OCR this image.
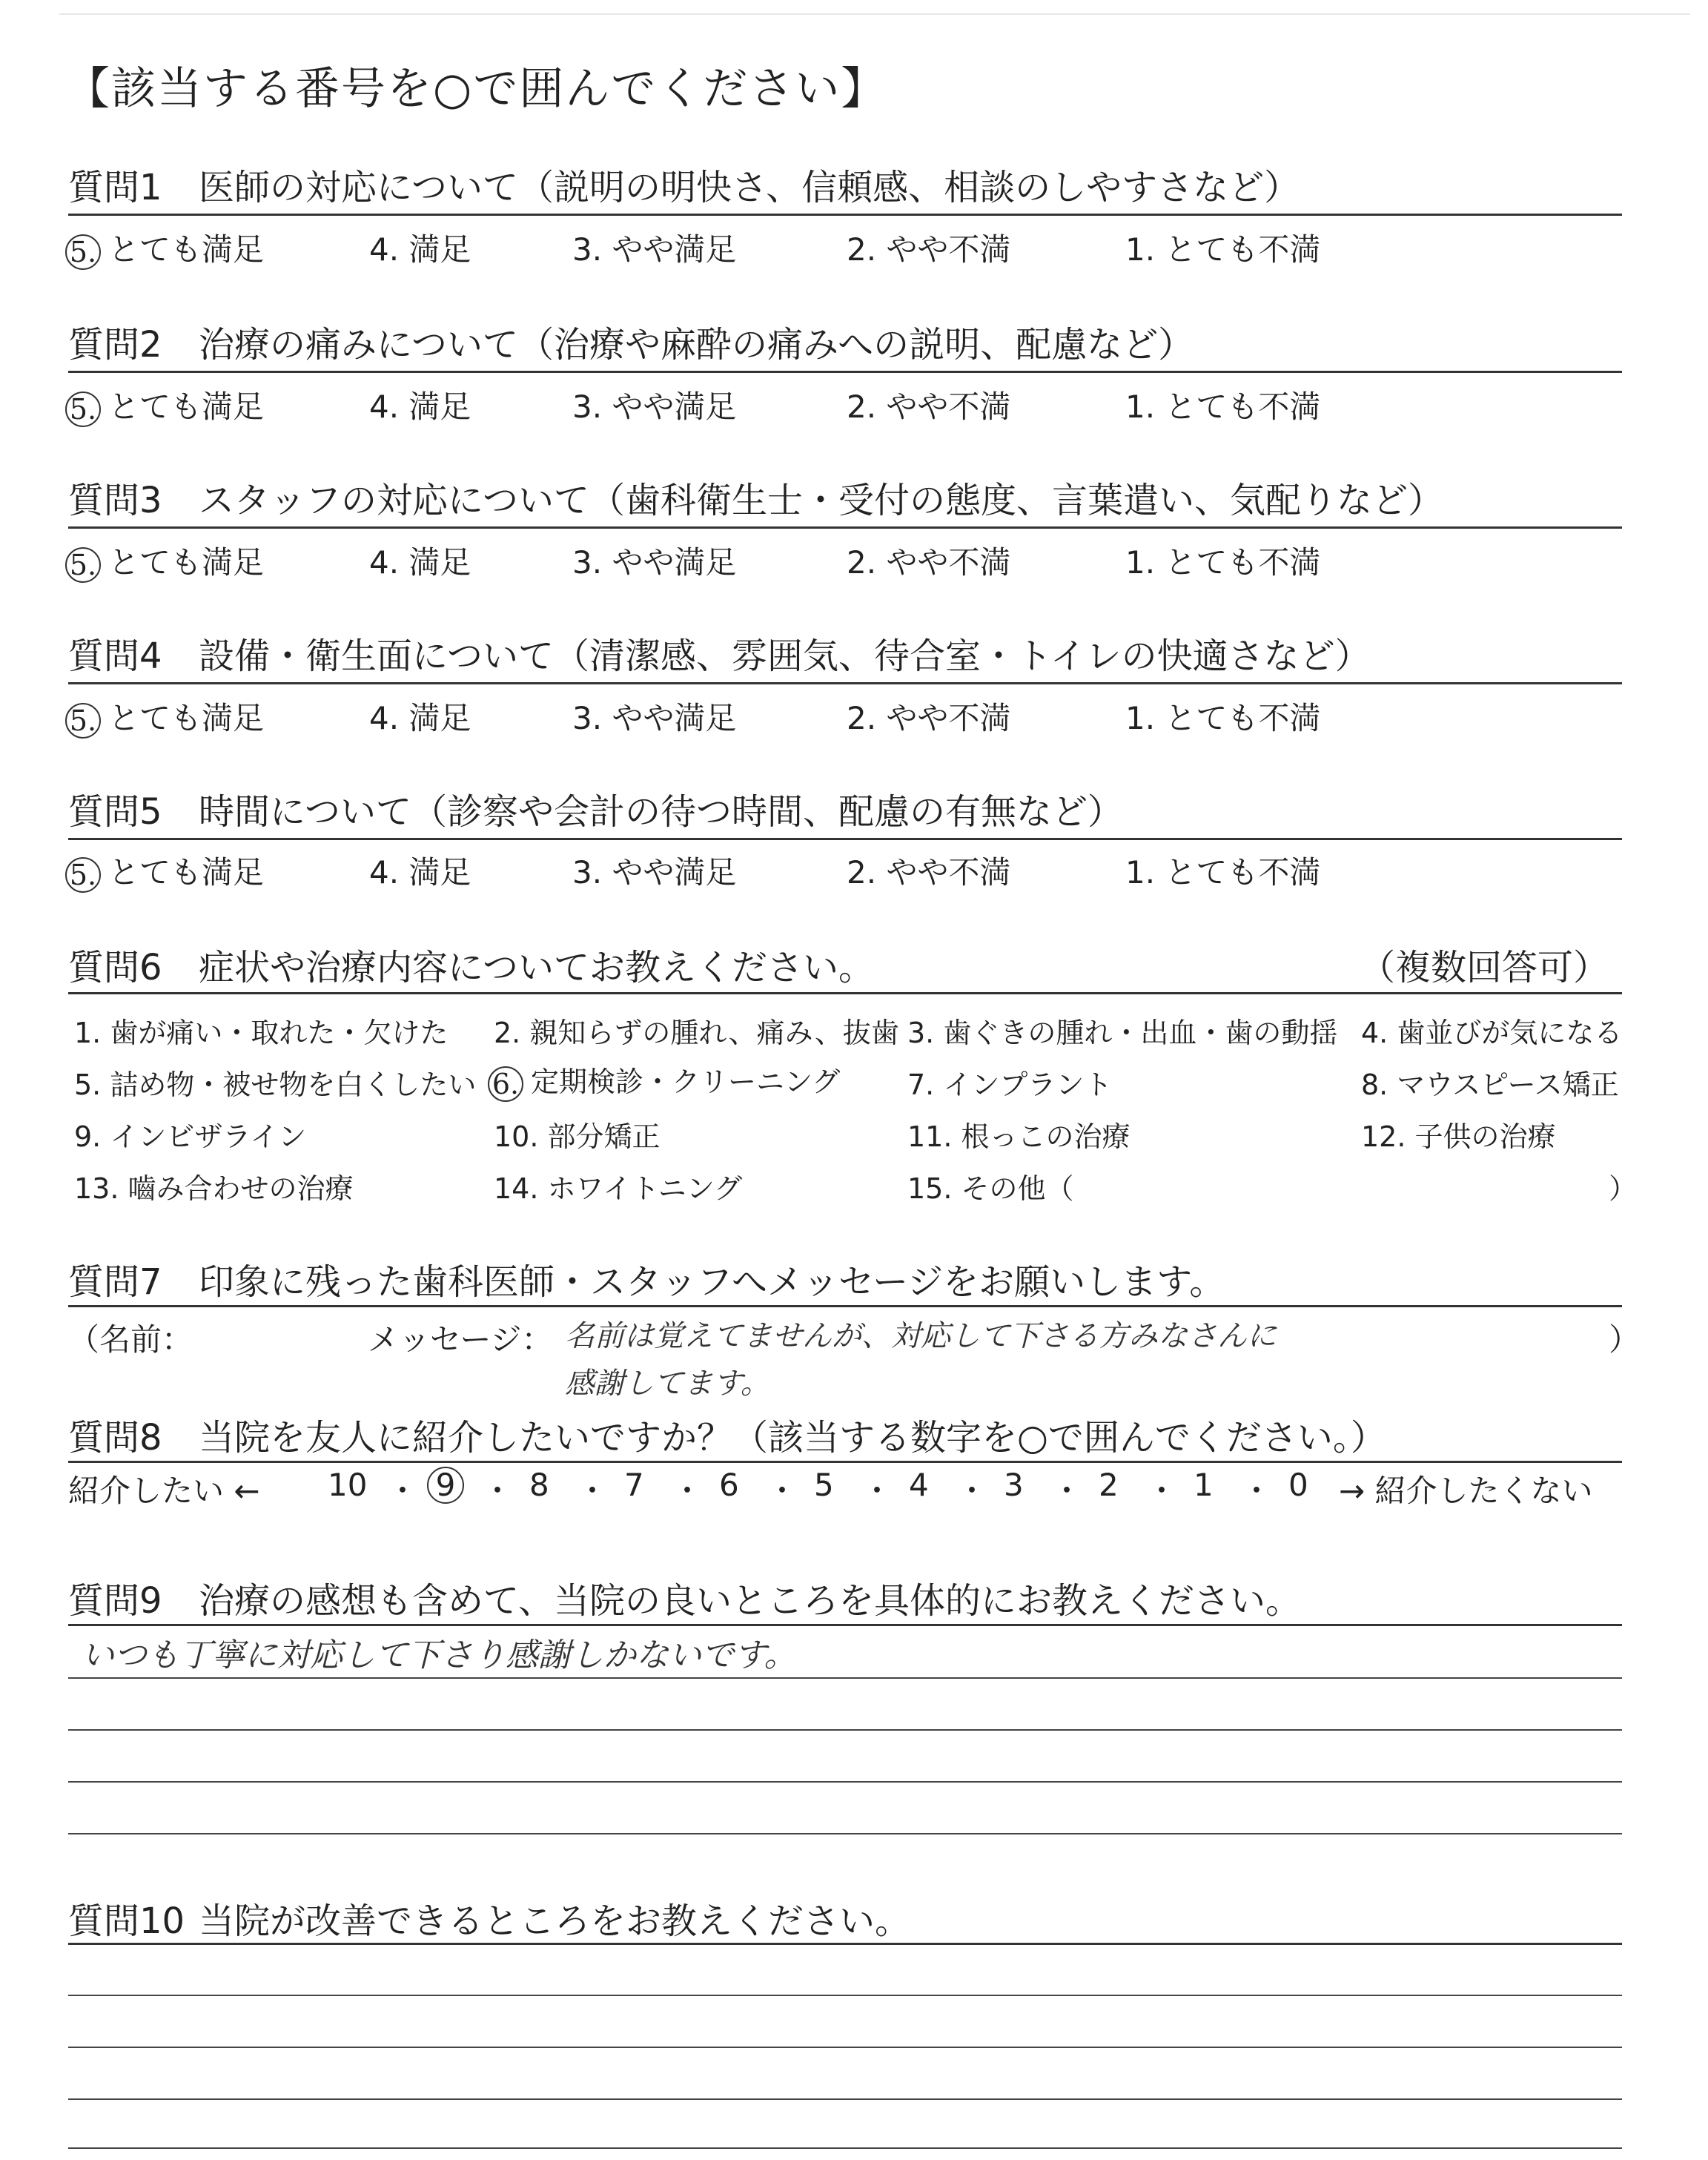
【該当する番号を○で囲んでください】
質問1 医師の対応について（説明の明快さ、信頼感、相談のしやすさなど）
5. とても満足	4. 満足	3. やや満足	2. やや不満	1. とても不満
質問2 治療の痛みについて（治療や麻酔の痛みへの説明、配慮など）
5. とても満足	4. 満足	3. やや満足	2. やや不満	1. とても不満
質問3 スタッフの対応について（歯科衛生士・受付の態度、言葉遣い、気配りなど）
5. とても満足	4. 満足	3. やや満足	2. やや不満	1. とても不満
質問4 設備・衛生面について（清潔感、雰囲気、待合室・トイレの快適さなど）
5. とても満足	4. 満足	3. やや満足	2. やや不満	1. とても不満
質問5 時間について（診察や会計の待つ時間、配慮の有無など）
5. とても満足	4. 満足	3. やや満足	2. やや不満	1. とても不満
質問6 症状や治療内容についてお教えください。	（複数回答可）
1. 歯が痛い・取れた・欠けた 2. 親知らずの腫れ、痛み、抜歯 3. 歯ぐきの腫れ・出血・歯の動揺 4. 歯並びが気になる
5. 詰め物・被せ物を白くしたい 6. 定期検診・クリーニング 7. インプラント	8. マウスピース矯正
9. インビザライン	10. 部分矯正	11. 根っこの治療	12. 子供の治療
13. 嚙み合わせの治療	14. ホワイトニング	15. その他（	）
質問7 印象に残った歯科医師・スタッフへメッセージをお願いします。
（名前：	メッセージ： 名前は覚えてませんが、対応して下さる方みなさんに
感謝してます。
）
質問8 当院を友人に紹介したいですか？（該当する数字を○で囲んでください。）
紹介したい ← 10 ・ 9 ・ 8 ・ 7 ・ 6 ・ 5 ・ 4 ・ 3 ・ 2 ・ 1 ・ 0 → 紹介したくない
質問9 治療の感想も含めて、当院の良いところを具体的にお教えください。
いつも丁寧に対応して下さり感謝しかないです。
質問10 当院が改善できるところをお教えください。
